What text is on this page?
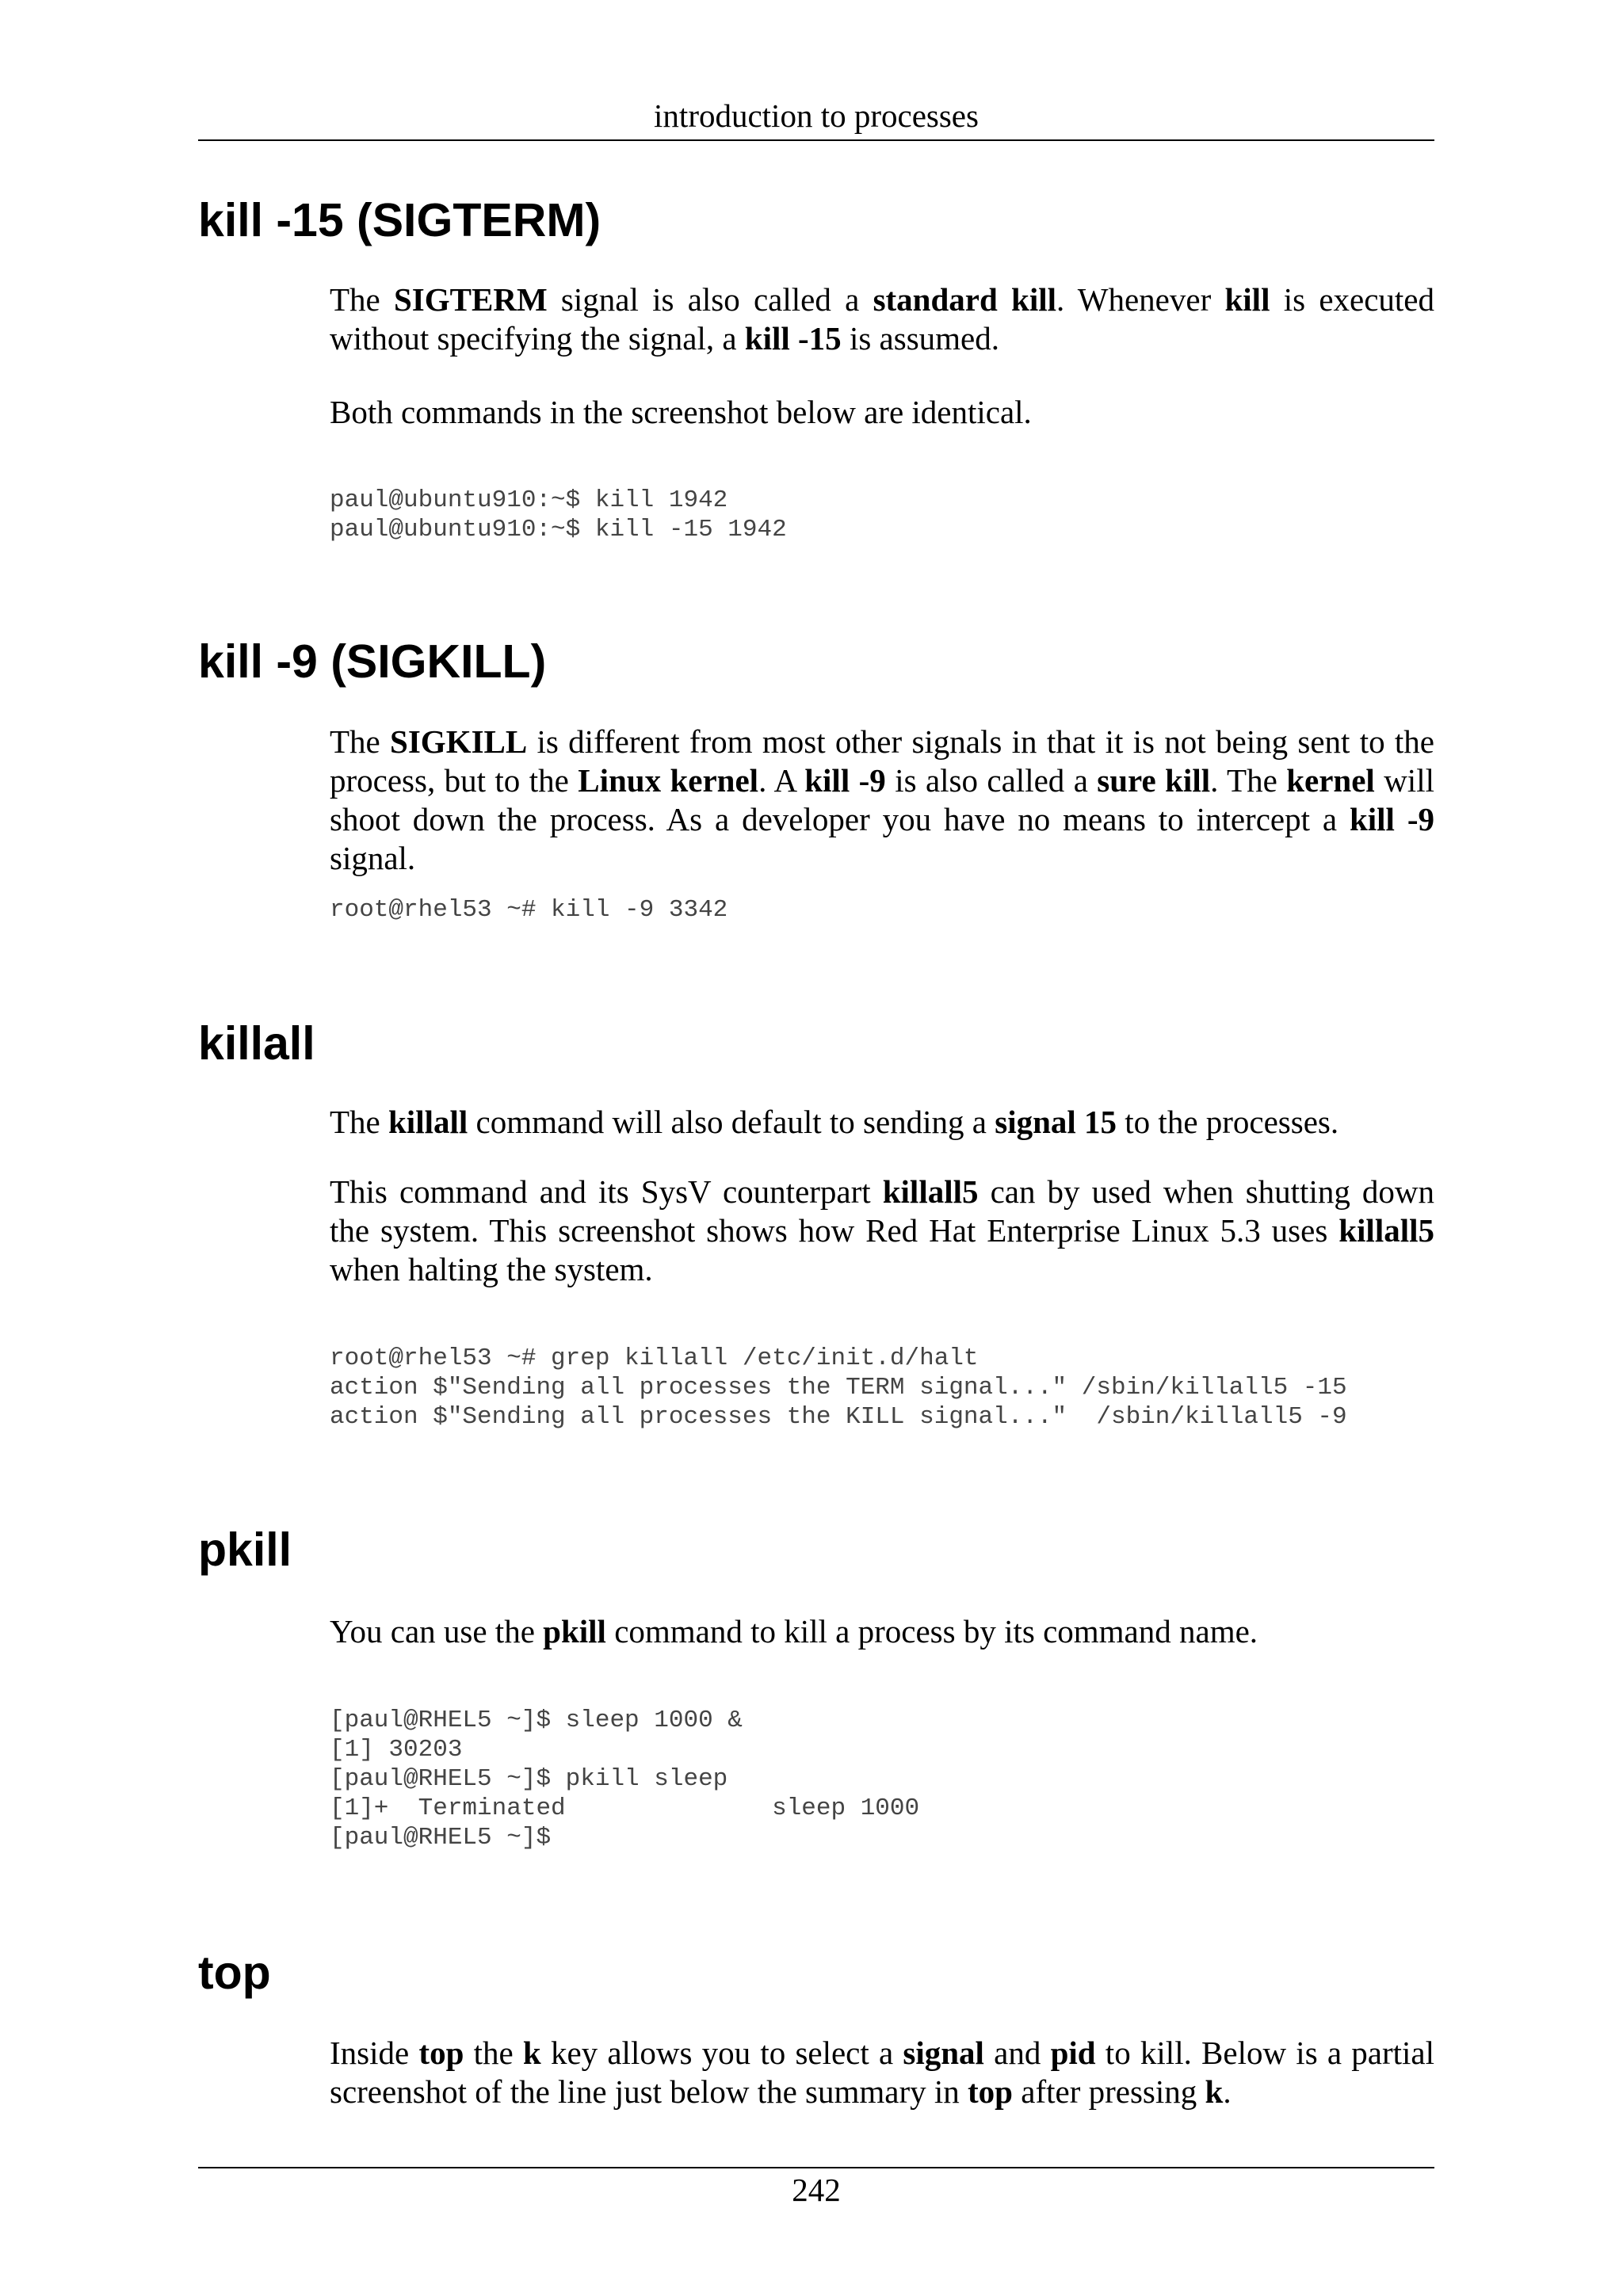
introduction to processes
kill -15 (SIGTERM)

The SIGTERM signal is also called a standard kill. Whenever kill is executed without specifying the signal, a kill -15 is assumed.

Both commands in the screenshot below are identical.

paul@ubuntu910:~$ kill 1942
paul@ubuntu910:~$ kill -15 1942
kill -9 (SIGKILL)

The SIGKILL is different from most other signals in that it is not being sent to the process, but to the Linux kernel. A kill -9 is also called a sure kill. The kernel will shoot down the process. As a developer you have no means to intercept a kill -9 signal.

root@rhel53 ~# kill -9 3342
killall

The killall command will also default to sending a signal 15 to the processes.

This command and its SysV counterpart killall5 can by used when shutting down the system. This screenshot shows how Red Hat Enterprise Linux 5.3 uses killall5 when halting the system.

root@rhel53 ~# grep killall /etc/init.d/halt
action $"Sending all processes the TERM signal..." /sbin/killall5 -15
action $"Sending all processes the KILL signal..."  /sbin/killall5 -9
pkill

You can use the pkill command to kill a process by its command name.

[paul@RHEL5 ~]$ sleep 1000 &
[1] 30203
[paul@RHEL5 ~]$ pkill sleep
[1]+  Terminated              sleep 1000
[paul@RHEL5 ~]$
top

Inside top the k key allows you to select a signal and pid to kill. Below is a partial screenshot of the line just below the summary in top after pressing k.

242
